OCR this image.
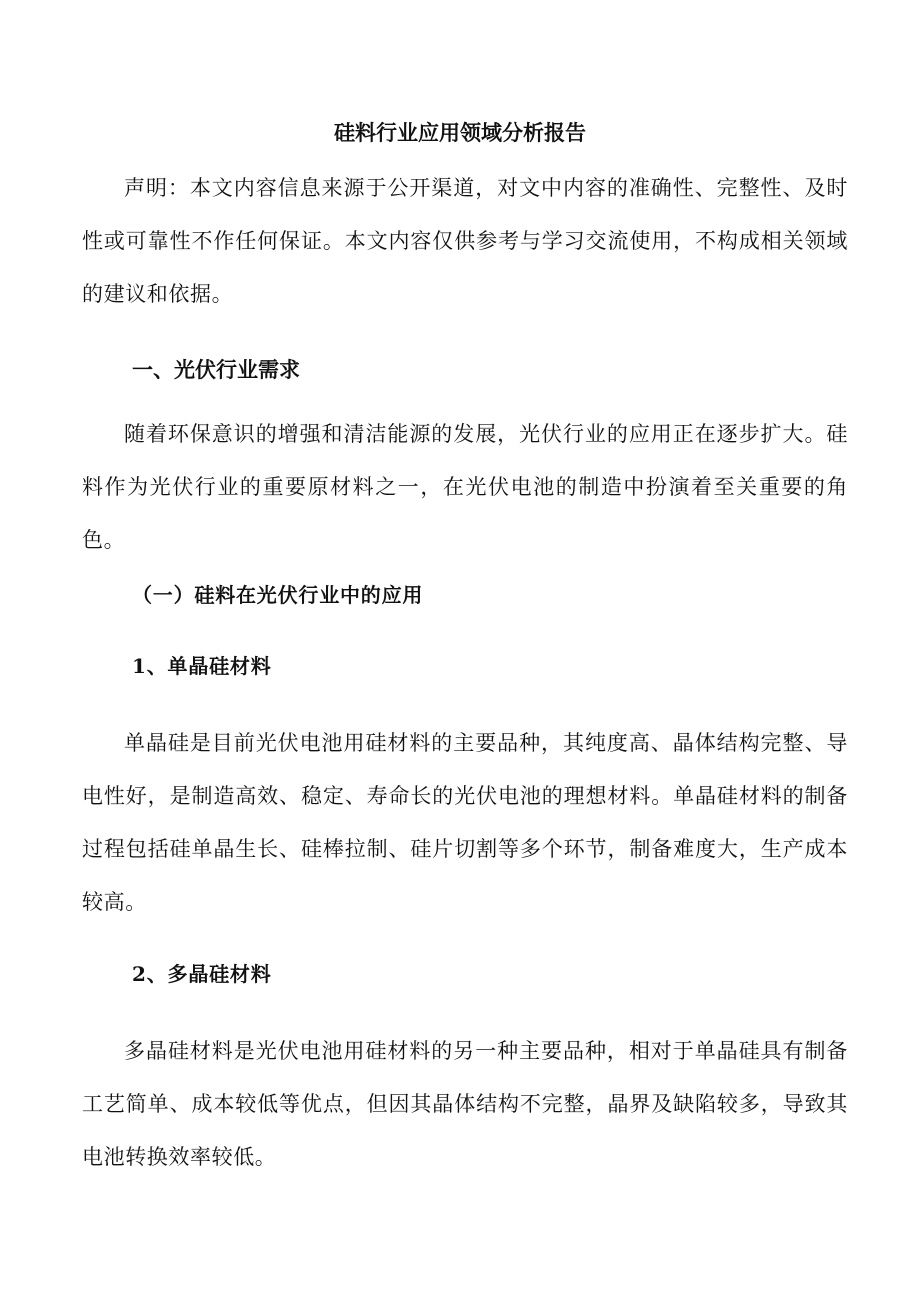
硅料行业应用领域分析报告

声明：本文内容信息来源于公开渠道，对文中内容的准确性、完整性、及时性或可靠性不作任何保证。本文内容仅供参考与学习交流使用，不构成相关领域的建议和依据。

一、光伏行业需求

随着环保意识的增强和清洁能源的发展，光伏行业的应用正在逐步扩大。硅料作为光伏行业的重要原材料之一，在光伏电池的制造中扮演着至关重要的角色。

（一）硅料在光伏行业中的应用
1、单晶硅材料

单晶硅是目前光伏电池用硅材料的主要品种，其纯度高、晶体结构完整、导电性好，是制造高效、稳定、寿命长的光伏电池的理想材料。单晶硅材料的制备过程包括硅单晶生长、硅棒拉制、硅片切割等多个环节，制备难度大，生产成本较高。

2、多晶硅材料

多晶硅材料是光伏电池用硅材料的另一种主要品种，相对于单晶硅具有制备工艺简单、成本较低等优点，但因其晶体结构不完整，晶界及缺陷较多，导致其电池转换效率较低。
